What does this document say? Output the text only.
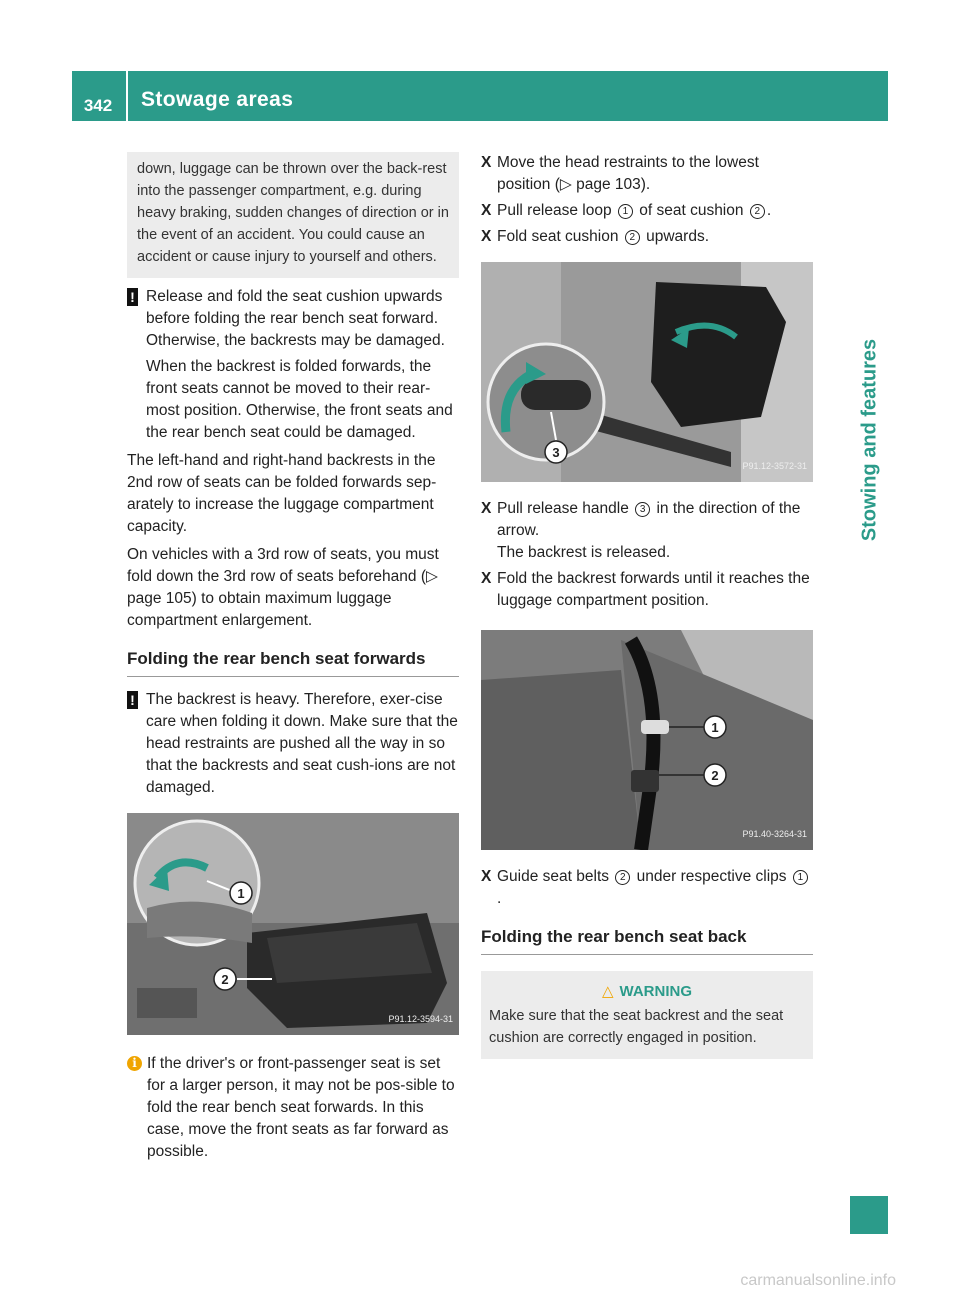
342	Stowage areas
Stowing and features
down, luggage can be thrown over the back-rest into the passenger compartment, e.g. during heavy braking, sudden changes of direction or in the event of an accident. You could cause an accident or cause injury to yourself and others.
! Release and fold the seat cushion upwards before folding the rear bench seat forward. Otherwise, the backrests may be damaged.

When the backrest is folded forwards, the front seats cannot be moved to their rear-most position. Otherwise, the front seats and the rear bench seat could be damaged.

The left-hand and right-hand backrests in the 2nd row of seats can be folded forwards sep-arately to increase the luggage compartment capacity.

On vehicles with a 3rd row of seats, you must fold down the 3rd row of seats beforehand (▷ page 105) to obtain maximum luggage compartment enlargement.

Folding the rear bench seat forwards
! The backrest is heavy. Therefore, exer-cise care when folding it down. Make sure that the head restraints are pushed all the way in so that the backrests and seat cush-ions are not damaged.

1
2
P91.12-3594-31
i If the driver's or front-passenger seat is set for a larger person, it may not be pos-sible to fold the rear bench seat forwards. In this case, move the front seats as far forward as possible.
X Move the head restraints to the lowest position (▷ page 103).
X Pull release loop 1 of seat cushion 2 .
X Fold seat cushion 2 upwards.
3
P91.12-3572-31
X Pull release handle 3 in the direction of the arrow.
The backrest is released.
X Fold the backrest forwards until it reaches the luggage compartment position.
1
2
P91.40-3264-31
X Guide seat belts 2 under respective clips 1.
Folding the rear bench seat back
△ WARNING
Make sure that the seat backrest and the seat cushion are correctly engaged in position.
carmanualsonline.info
